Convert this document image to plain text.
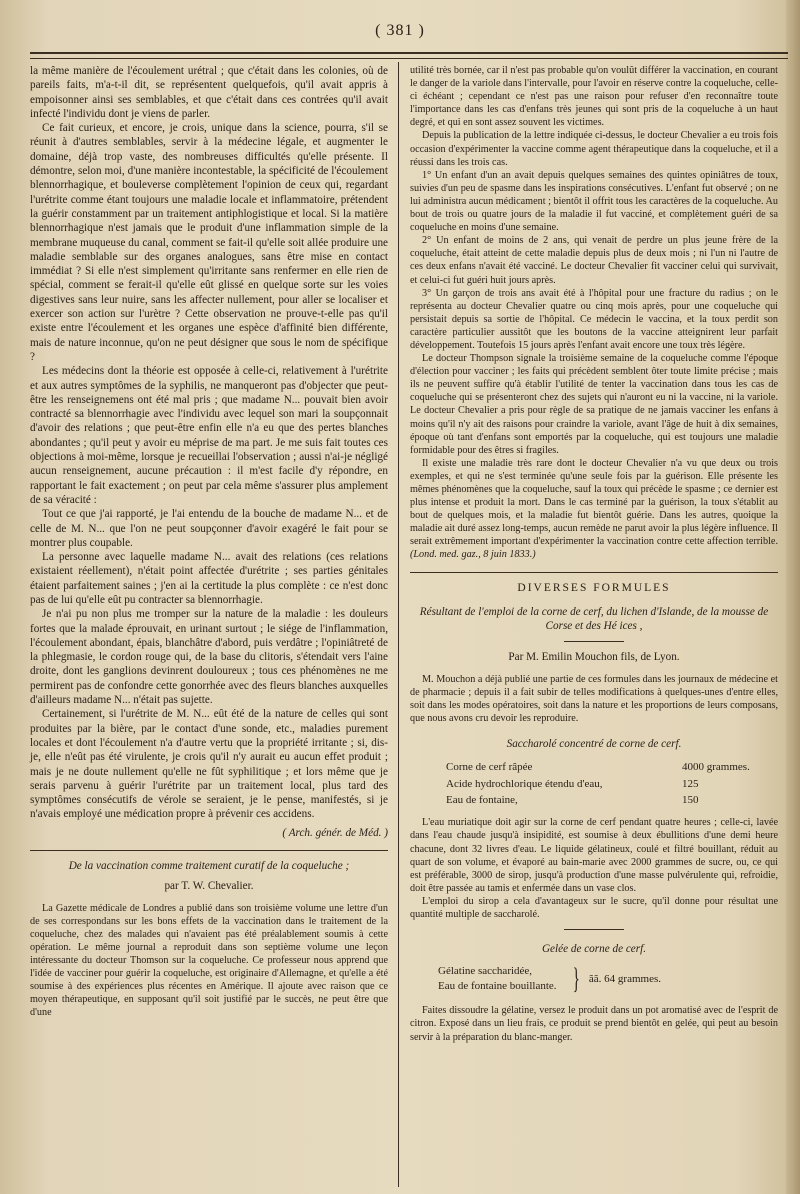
( 381 )

la même manière de l'écoulement urétral ; que c'était dans les colonies, où de pareils faits, m'a-t-il dit, se représentent quelquefois, qu'il avait appris à empoisonner ainsi ses semblables, et que c'était dans ces contrées qu'il avait infecté l'individu dont je viens de parler.

Ce fait curieux, et encore, je crois, unique dans la science, pourra, s'il se réunit à d'autres semblables, servir à la médecine légale, et augmenter le domaine, déjà trop vaste, des nombreuses difficultés qu'elle présente. Il démontre, selon moi, d'une manière incontestable, la spécificité de l'écoulement blennorrhagique, et bouleverse complètement l'opinion de ceux qui, regardant l'urétrite comme étant toujours une maladie locale et inflammatoire, prétendent la guérir constamment par un traitement antiphlogistique et local. Si la matière blennorrhagique n'est jamais que le produit d'une inflammation simple de la membrane muqueuse du canal, comment se fait-il qu'elle soit allée produire une maladie semblable sur des organes analogues, sans être mise en contact immédiat ? Si elle n'est simplement qu'irritante sans renfermer en elle rien de spécial, comment se ferait-il qu'elle eût glissé en quelque sorte sur les voies digestives sans leur nuire, sans les affecter nullement, pour aller se localiser et exercer son action sur l'urètre ? Cette observation ne prouve-t-elle pas qu'il existe entre l'écoulement et les organes une espèce d'affinité bien différente, mais de nature inconnue, qu'on ne peut désigner que sous le nom de spécifique ?

Les médecins dont la théorie est opposée à celle-ci, relativement à l'urétrite et aux autres symptômes de la syphilis, ne manqueront pas d'objecter que peut-être les renseignemens ont été mal pris ; que madame N... pouvait bien avoir contracté sa blennorrhagie avec l'individu avec lequel son mari la soupçonnait d'avoir des relations ; que peut-être enfin elle n'a eu que des pertes blanches abondantes ; qu'il peut y avoir eu méprise de ma part. Je me suis fait toutes ces objections à moi-même, lorsque je recueillai l'observation ; aussi n'ai-je négligé aucun renseignement, aucune précaution : il m'est facile d'y répondre, en rapportant le fait exactement ; on peut par cela même s'assurer plus amplement de sa véracité :

Tout ce que j'ai rapporté, je l'ai entendu de la bouche de madame N... et de celle de M. N... que l'on ne peut soupçonner d'avoir exagéré le fait pour se montrer plus coupable.

La personne avec laquelle madame N... avait des relations (ces relations existaient réellement), n'était point affectée d'urétrite ; ses parties génitales étaient parfaitement saines ; j'en ai la certitude la plus complète : ce n'est donc pas de lui qu'elle eût pu contracter sa blennorrhagie.

Je n'ai pu non plus me tromper sur la nature de la maladie : les douleurs fortes que la malade éprouvait, en urinant surtout ; le siége de l'inflammation, l'écoulement abondant, épais, blanchâtre d'abord, puis verdâtre ; l'opiniâtreté de la phlegmasie, le cordon rouge qui, de la base du clitoris, s'étendait vers l'aine droite, dont les ganglions devinrent douloureux ; tous ces phénomènes ne me permirent pas de confondre cette gonorrhée avec des fleurs blanches auxquelles d'ailleurs madame N... n'était pas sujette.

Certainement, si l'urétrite de M. N... eût été de la nature de celles qui sont produites par la bière, par le contact d'une sonde, etc., maladies purement locales et dont l'écoulement n'a d'autre vertu que la propriété irritante ; si, dis-je, elle n'eût pas été virulente, je crois qu'il n'y aurait eu aucun effet produit ; mais je ne doute nullement qu'elle ne fût syphilitique ; et lors même que je serais parvenu à guérir l'urétrite par un traitement local, plus tard des symptômes consécutifs de vérole se seraient, je le pense, manifestés, si je n'avais employé une médication propre à prévenir ces accidens.

( Arch. génér. de Méd. )

De la vaccination comme traitement curatif de la coqueluche ;

par T. W. Chevalier.

La Gazette médicale de Londres a publié dans son troisième volume une lettre d'un de ses correspondans sur les bons effets de la vaccination dans le traitement de la coqueluche, chez des malades qui n'avaient pas été préalablement soumis à cette opération. Le même journal a reproduit dans son septième volume une leçon intéressante du docteur Thomson sur la coqueluche. Ce professeur nous apprend que l'idée de vacciner pour guérir la coqueluche, est originaire d'Allemagne, et qu'elle a été soumise à des expériences plus récentes en Amérique. Il ajoute avec raison que ce moyen thérapeutique, en supposant qu'il soit justifié par le succès, ne peut être que d'une

utilité très bornée, car il n'est pas probable qu'on voulût différer la vaccination, en courant le danger de la variole dans l'intervalle, pour l'avoir en réserve contre la coqueluche, celle-ci échéant ; cependant ce n'est pas une raison pour refuser d'en reconnaître toute l'importance dans les cas d'enfans très jeunes qui sont pris de la coqueluche à un haut degré, et qui en sont assez souvent les victimes.

Depuis la publication de la lettre indiquée ci-dessus, le docteur Chevalier a eu trois fois occasion d'expérimenter la vaccine comme agent thérapeutique dans la coqueluche, et il a réussi dans les trois cas.

1° Un enfant d'un an avait depuis quelques semaines des quintes opiniâtres de toux, suivies d'un peu de spasme dans les inspirations consécutives. L'enfant fut observé ; on ne lui administra aucun médicament ; bientôt il offrit tous les caractères de la coqueluche. Au bout de trois ou quatre jours de la maladie il fut vacciné, et complètement guéri de sa coqueluche en moins d'une semaine.

2° Un enfant de moins de 2 ans, qui venait de perdre un plus jeune frère de la coqueluche, était atteint de cette maladie depuis plus de deux mois ; ni l'un ni l'autre de ces deux enfans n'avait été vacciné. Le docteur Chevalier fit vacciner celui qui survivait, et celui-ci fut guéri huit jours après.

3° Un garçon de trois ans avait été à l'hôpital pour une fracture du radius ; on le représenta au docteur Chevalier quatre ou cinq mois après, pour une coqueluche qui persistait depuis sa sortie de l'hôpital. Ce médecin le vaccina, et la toux perdit son caractère particulier aussitôt que les boutons de la vaccine atteignirent leur parfait développement. Toutefois 15 jours après l'enfant avait encore une toux très légère.

Le docteur Thompson signale la troisième semaine de la coqueluche comme l'époque d'élection pour vacciner ; les faits qui précèdent semblent ôter toute limite précise ; mais ils ne peuvent suffire qu'à établir l'utilité de tenter la vaccination dans tous les cas de coqueluche qui se présenteront chez des sujets qui n'auront eu ni la vaccine, ni la variole. Le docteur Chevalier a pris pour règle de sa pratique de ne jamais vacciner les enfans à moins qu'il n'y ait des raisons pour craindre la variole, avant l'âge de huit à dix semaines, époque où tant d'enfans sont emportés par la coqueluche, qui est toujours une maladie formidable pour des êtres si fragiles.

Il existe une maladie très rare dont le docteur Chevalier n'a vu que deux ou trois exemples, et qui ne s'est terminée qu'une seule fois par la guérison. Elle présente les mêmes phénomènes que la coqueluche, sauf la toux qui précède le spasme ; ce dernier est plus intense et produit la mort. Dans le cas terminé par la guérison, la toux s'établit au bout de quelques mois, et la maladie fut bientôt guérie. Dans les autres, quoique la maladie ait duré assez long-temps, aucun remède ne parut avoir la plus légère influence. Il serait extrêmement important d'expérimenter la vaccination contre cette affection terrible. (Lond. med. gaz., 8 juin 1833.)

DIVERSES FORMULES

Résultant de l'emploi de la corne de cerf, du lichen d'Islande, de la mousse de Corse et des Hé ices ,

Par M. Emilin Mouchon fils, de Lyon.

M. Mouchon a déjà publié une partie de ces formules dans les journaux de médecine et de pharmacie ; depuis il a fait subir de telles modifications à quelques-unes d'entre elles, soit dans les modes opératoires, soit dans la nature et les proportions de leurs composans, que nous avons cru devoir les reproduire.

Saccharolé concentré de corne de cerf.

Corne de cerf râpée	4000 grammes.
Acide hydrochlorique étendu d'eau,	125
Eau de fontaine,	150

L'eau muriatique doit agir sur la corne de cerf pendant quatre heures ; celle-ci, lavée dans l'eau chaude jusqu'à insipidité, est soumise à deux ébullitions d'une demi heure chacune, dont 32 livres d'eau. Le liquide gélatineux, coulé et filtré bouillant, réduit au quart de son volume, et évaporé au bain-marie avec 2000 grammes de sucre, ou, ce qui est préférable, 3000 de sirop, jusqu'à production d'une masse pulvérulente qui, refroidie, doit être passée au tamis et enfermée dans un vase clos.

L'emploi du sirop a cela d'avantageux sur le sucre, qu'il donne pour résultat une quantité multiple de saccharolé.

Gelée de corne de cerf.

Gélatine saccharidée,
Eau de fontaine bouillante. } ãã. 64 grammes.

Faites dissoudre la gélatine, versez le produit dans un pot aromatisé avec de l'esprit de citron. Exposé dans un lieu frais, ce produit se prend bientôt en gelée, qui peut au besoin servir à la préparation du blanc-manger.
